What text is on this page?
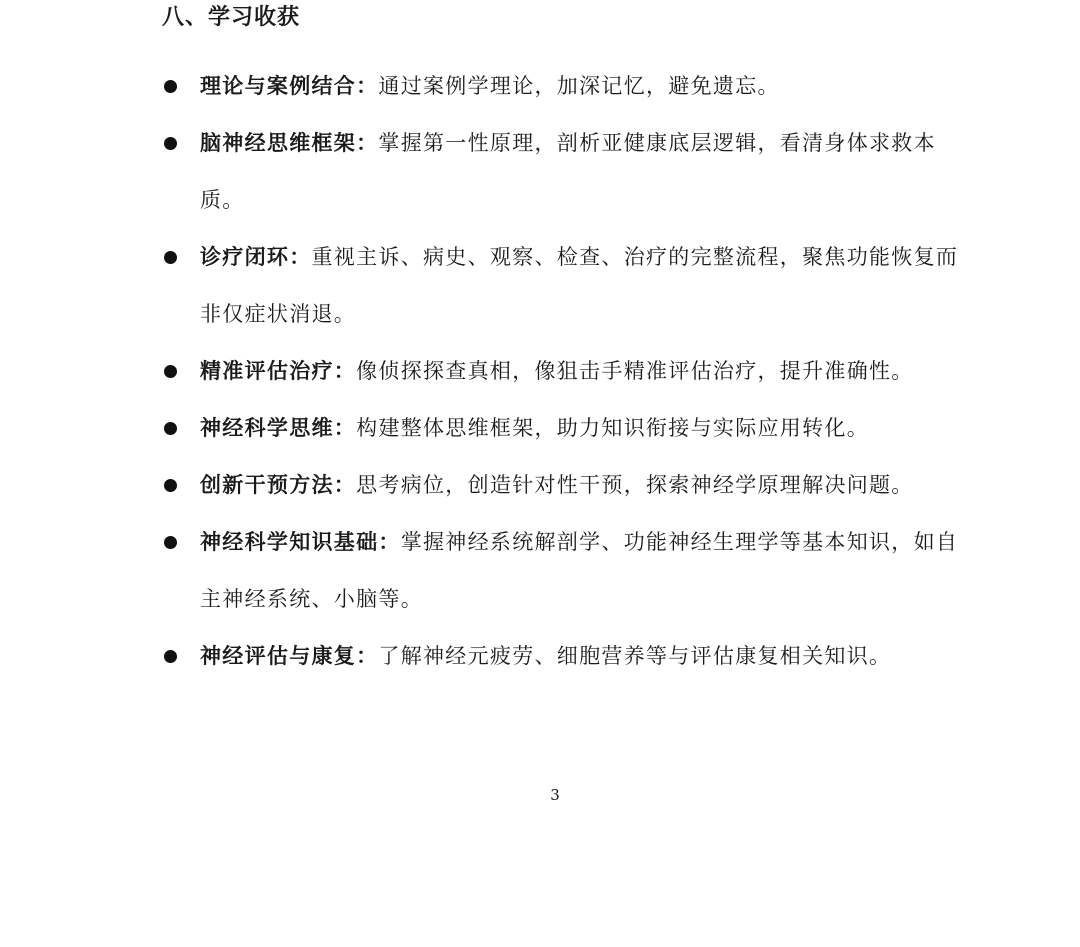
八、学习收获
理论与案例结合：通过案例学理论，加深记忆，避免遗忘。
脑神经思维框架：掌握第一性原理，剖析亚健康底层逻辑，看清身体求救本质。
诊疗闭环：重视主诉、病史、观察、检查、治疗的完整流程，聚焦功能恢复而非仅症状消退。
精准评估治疗：像侦探探查真相，像狙击手精准评估治疗，提升准确性。
神经科学思维：构建整体思维框架，助力知识衔接与实际应用转化。
创新干预方法：思考病位，创造针对性干预，探索神经学原理解决问题。
神经科学知识基础：掌握神经系统解剖学、功能神经生理学等基本知识，如自主神经系统、小脑等。
神经评估与康复：了解神经元疲劳、细胞营养等与评估康复相关知识。
3
